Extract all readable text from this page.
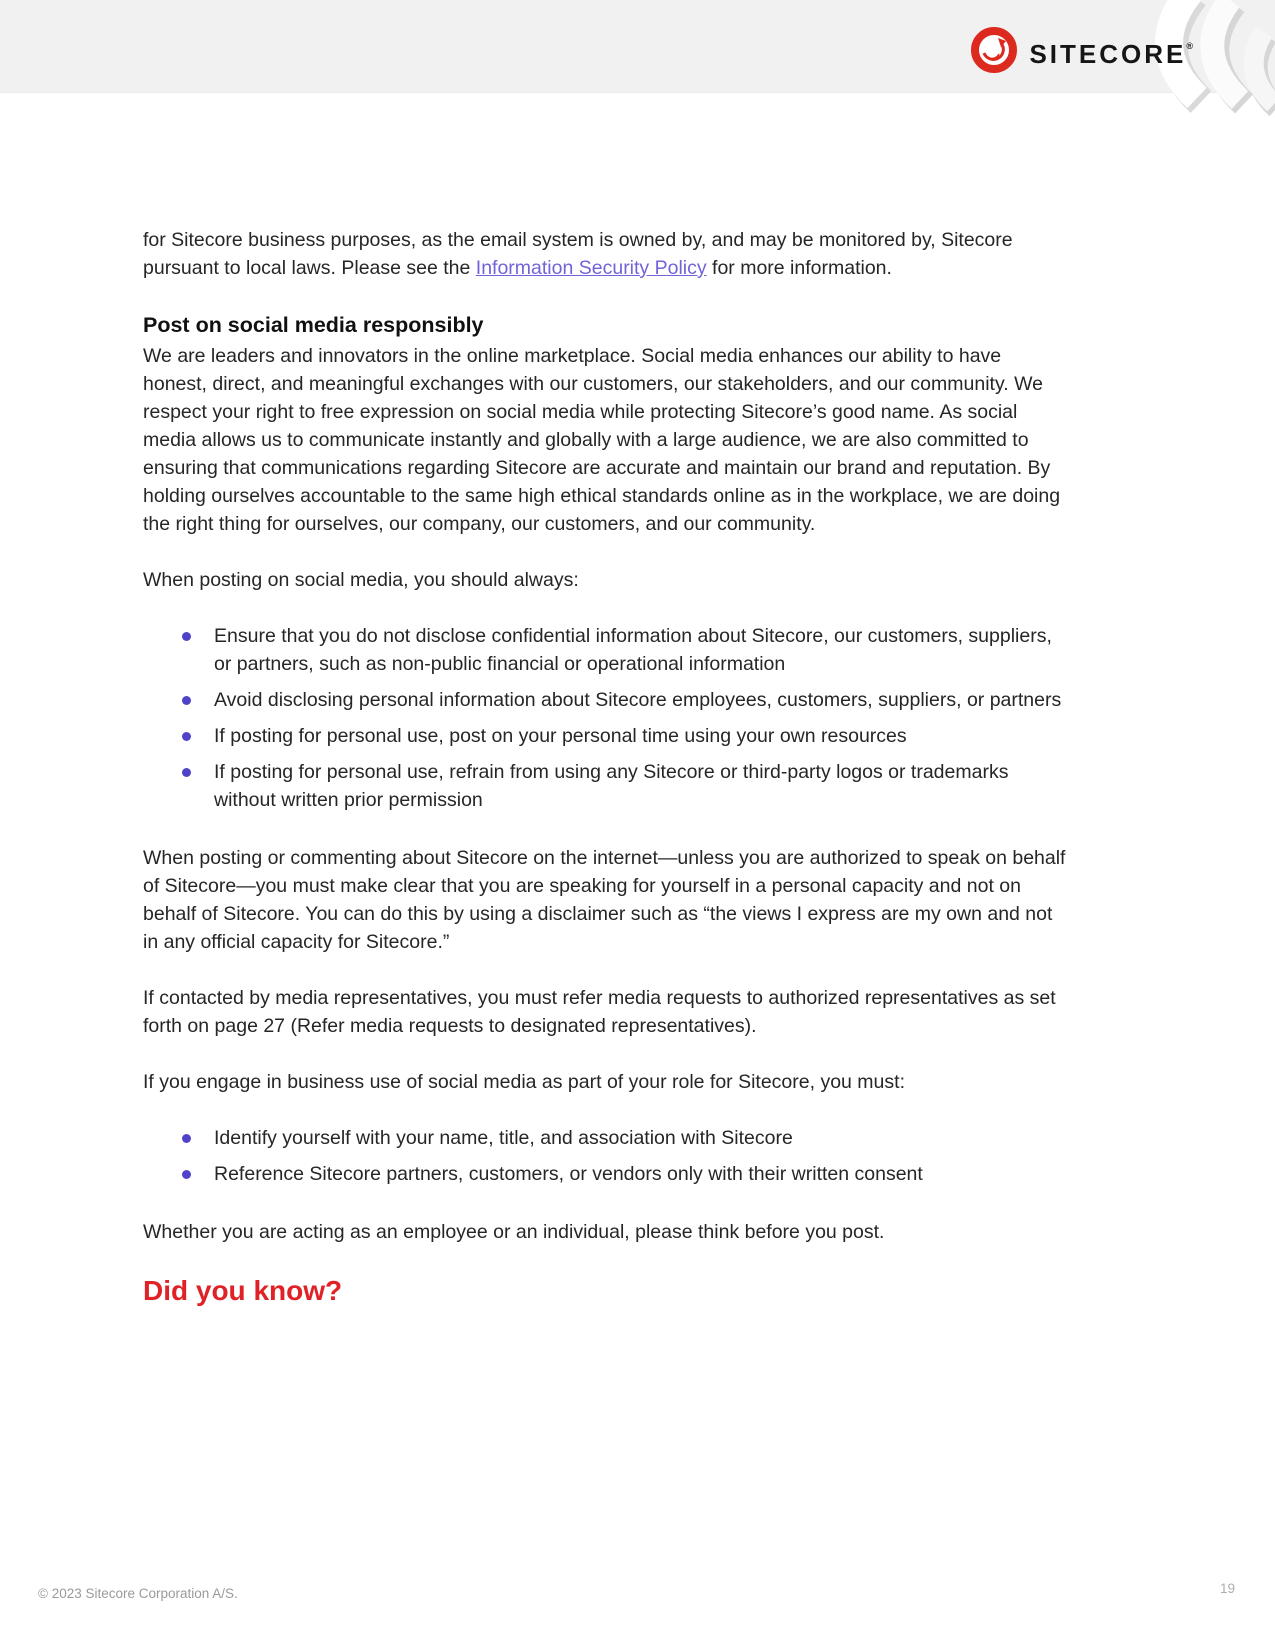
SITECORE®

for Sitecore business purposes, as the email system is owned by, and may be monitored by, Sitecore pursuant to local laws. Please see the Information Security Policy for more information.

Post on social media responsibly

We are leaders and innovators in the online marketplace. Social media enhances our ability to have honest, direct, and meaningful exchanges with our customers, our stakeholders, and our community. We respect your right to free expression on social media while protecting Sitecore’s good name. As social media allows us to communicate instantly and globally with a large audience, we are also committed to ensuring that communications regarding Sitecore are accurate and maintain our brand and reputation. By holding ourselves accountable to the same high ethical standards online as in the workplace, we are doing the right thing for ourselves, our company, our customers, and our community.

When posting on social media, you should always:

Ensure that you do not disclose confidential information about Sitecore, our customers, suppliers, or partners, such as non-public financial or operational information
Avoid disclosing personal information about Sitecore employees, customers, suppliers, or partners
If posting for personal use, post on your personal time using your own resources
If posting for personal use, refrain from using any Sitecore or third-party logos or trademarks without written prior permission

When posting or commenting about Sitecore on the internet—unless you are authorized to speak on behalf of Sitecore—you must make clear that you are speaking for yourself in a personal capacity and not on behalf of Sitecore. You can do this by using a disclaimer such as “the views I express are my own and not in any official capacity for Sitecore.”

If contacted by media representatives, you must refer media requests to authorized representatives as set forth on page 27 (Refer media requests to designated representatives).

If you engage in business use of social media as part of your role for Sitecore, you must:

Identify yourself with your name, title, and association with Sitecore
Reference Sitecore partners, customers, or vendors only with their written consent

Whether you are acting as an employee or an individual, please think before you post.

Did you know?
© 2023 Sitecore Corporation A/S.	19
